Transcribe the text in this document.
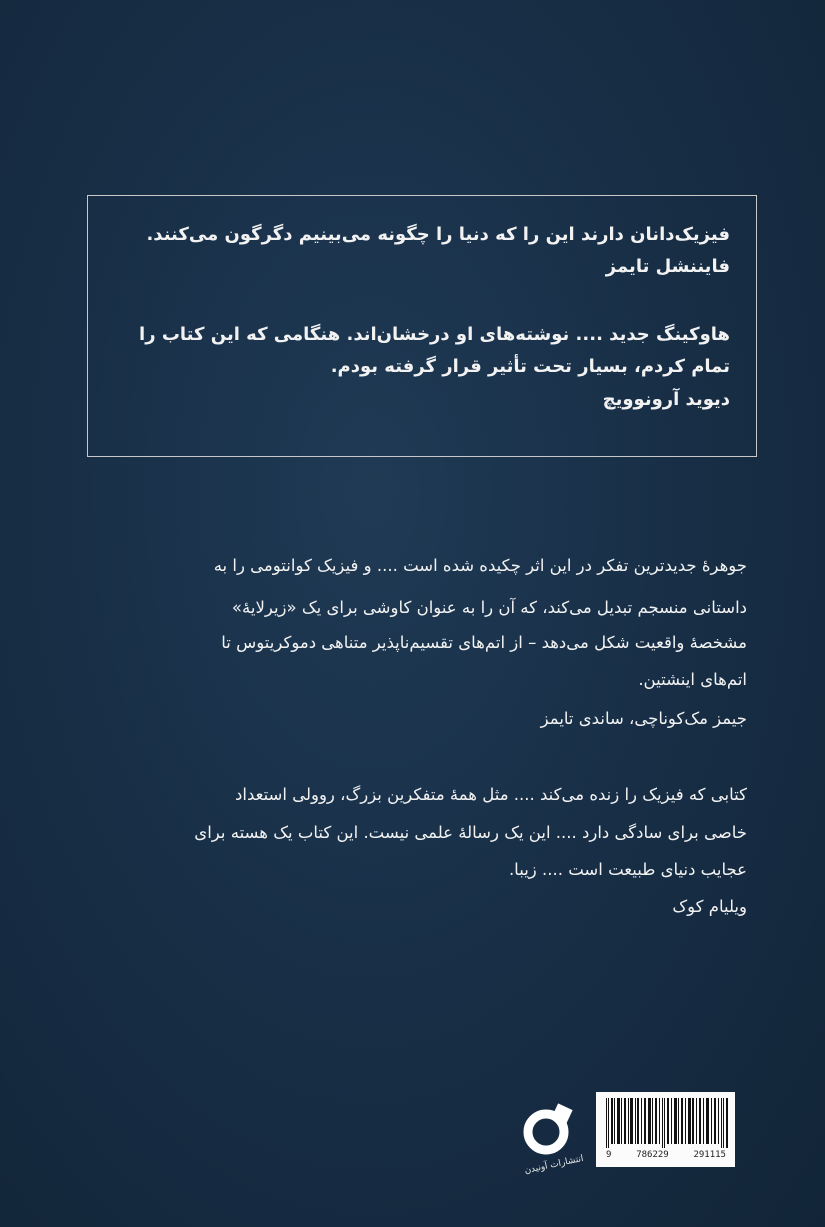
فیزیک‌دانان دارند این را که دنیا را چگونه می‌بینیم دگرگون می‌کنند.
فایننشل تایمز
هاوکینگ جدید .... نوشته‌های او درخشان‌اند. هنگامی که این کتاب را
تمام کردم، بسیار تحت تأثیر قرار گرفته بودم.
دیوید آرونوویچ
جوهرهٔ جدیدترین تفکر در این اثر چکیده شده است .... و فیزیک کوانتومی را به
داستانی منسجم تبدیل می‌کند، که آن را به عنوان کاوشی برای یک «زیرلایهٔ»
مشخصهٔ واقعیت شکل می‌دهد – از اتم‌های تقسیم‌ناپذیر متناهی دموکریتوس تا
اتم‌های اینشتین.
جیمز مک‌کوناچی، ساندی تایمز
کتابی که فیزیک را زنده می‌کند .... مثل همهٔ متفکرین بزرگ، روولی استعداد
خاصی برای سادگی دارد .... این یک رسالهٔ علمی نیست. این کتاب یک هسته برای
عجایب دنیای طبیعت است .... زیبا.
ویلیام کوک
انتشارات آونیدن 9	786229	291115
